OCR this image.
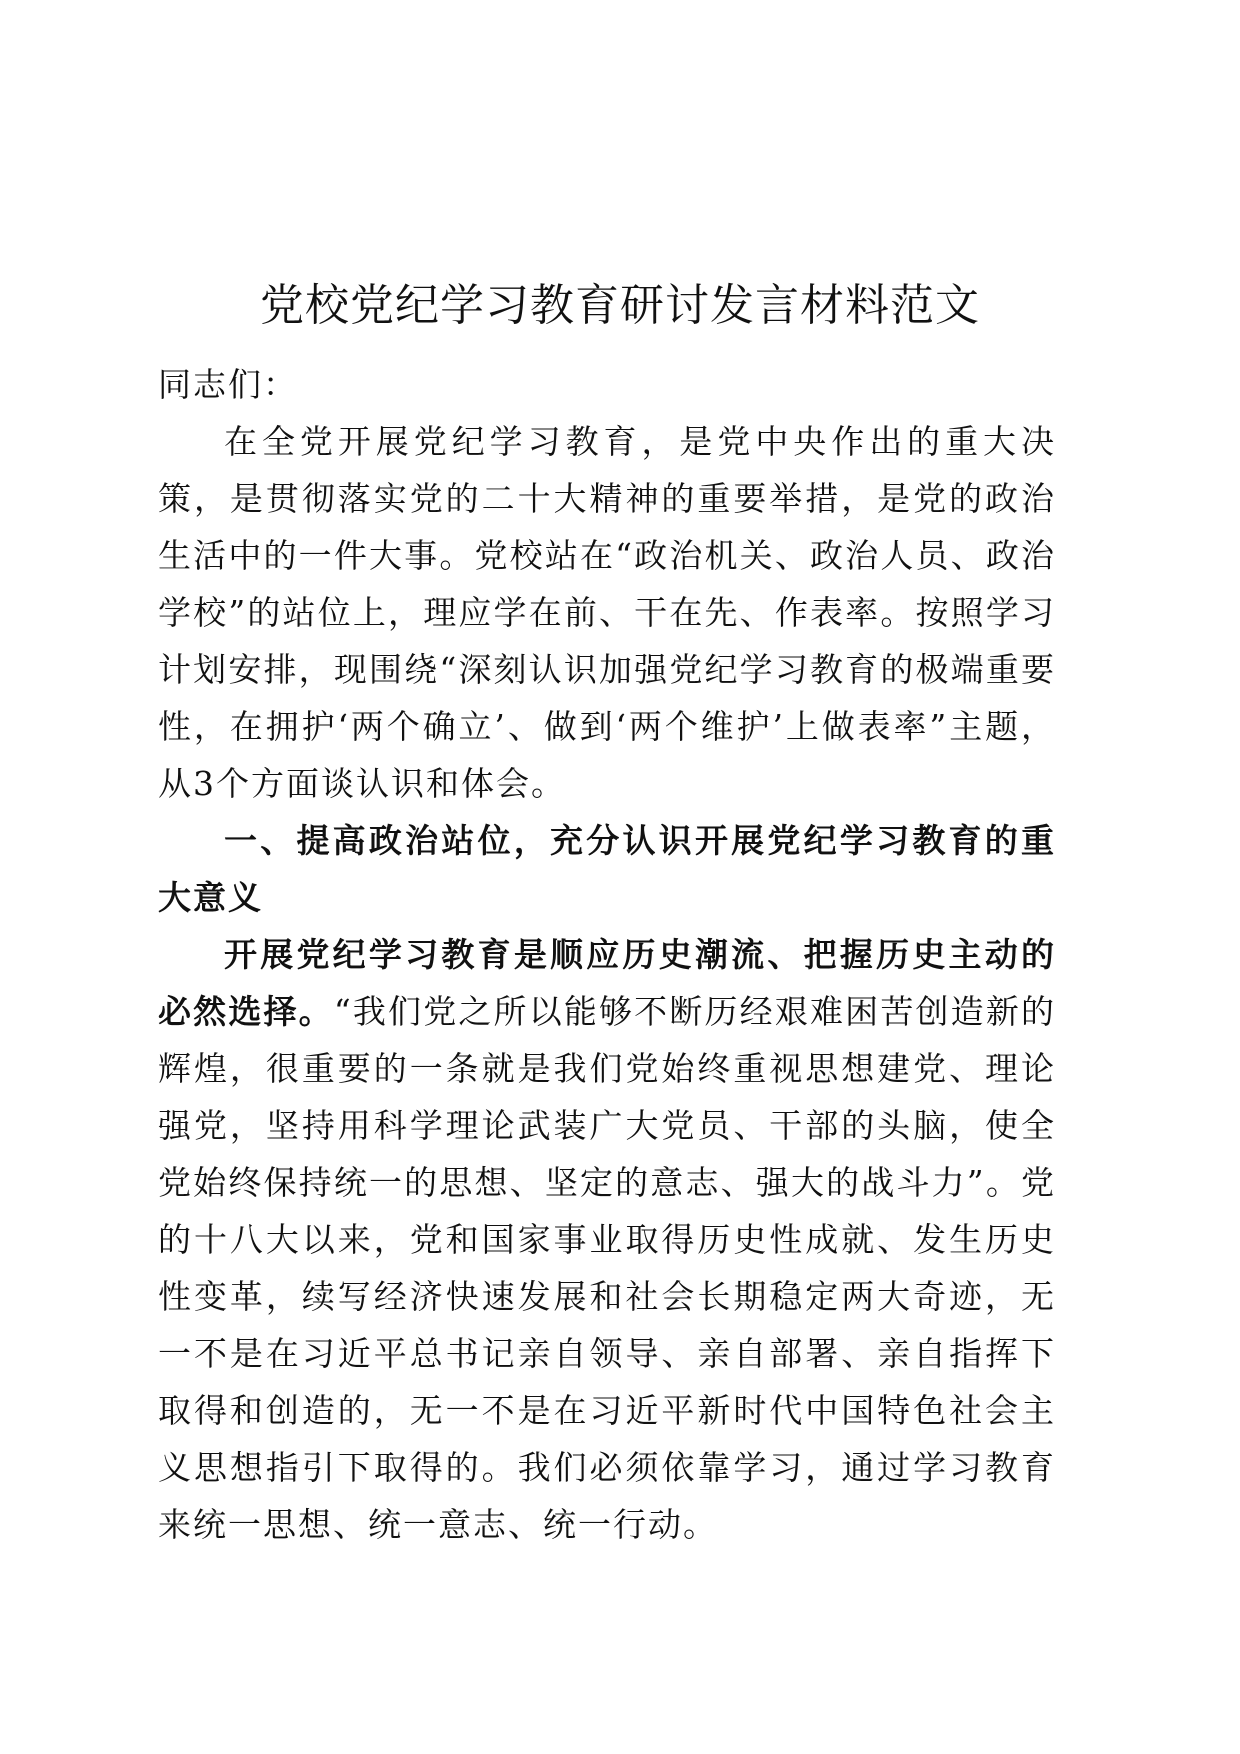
党校党纪学习教育研讨发言材料范文

同志们：

在全党开展党纪学习教育，是党中央作出的重大决策，是贯彻落实党的二十大精神的重要举措，是党的政治生活中的一件大事。党校站在“政治机关、政治人员、政治学校”的站位上，理应学在前、干在先、作表率。按照学习计划安排，现围绕“深刻认识加强党纪学习教育的极端重要性，在拥护‘两个确立’、做到‘两个维护’上做表率”主题，从3个方面谈认识和体会。

一、提高政治站位，充分认识开展党纪学习教育的重大意义

开展党纪学习教育是顺应历史潮流、把握历史主动的必然选择。“我们党之所以能够不断历经艰难困苦创造新的辉煌，很重要的一条就是我们党始终重视思想建党、理论强党，坚持用科学理论武装广大党员、干部的头脑，使全党始终保持统一的思想、坚定的意志、强大的战斗力”。党的十八大以来，党和国家事业取得历史性成就、发生历史性变革，续写经济快速发展和社会长期稳定两大奇迹，无一不是在习近平总书记亲自领导、亲自部署、亲自指挥下取得和创造的，无一不是在习近平新时代中国特色社会主义思想指引下取得的。我们必须依靠学习，通过学习教育来统一思想、统一意志、统一行动。
